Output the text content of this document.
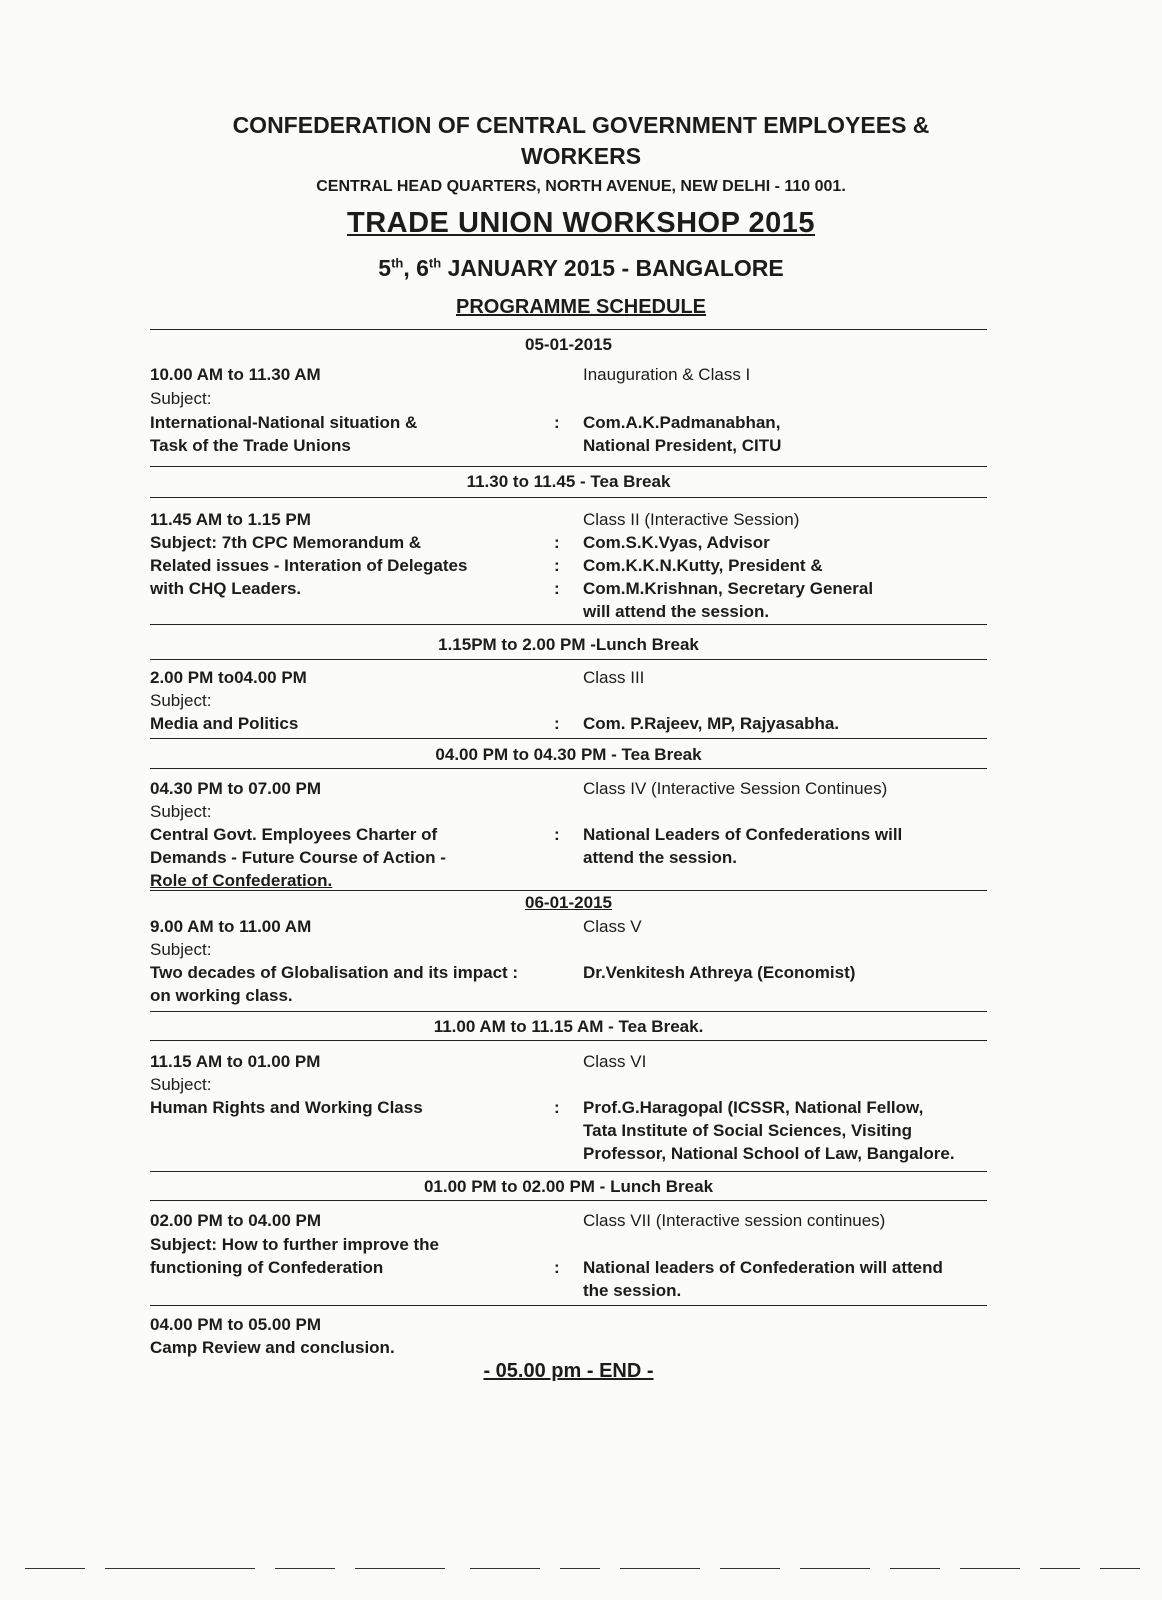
CONFEDERATION OF CENTRAL GOVERNMENT EMPLOYEES &
WORKERS
CENTRAL HEAD QUARTERS, NORTH AVENUE, NEW DELHI - 110 001.
TRADE UNION WORKSHOP 2015
5th, 6th JANUARY 2015 - BANGALORE
PROGRAMME SCHEDULE
05-01-2015
10.00 AM to 11.30 AM	Inauguration & Class I
Subject:
International-National situation &	: Com.A.K.Padmanabhan,
Task of the Trade Unions	National President, CITU
11.30 to 11.45 - Tea Break
11.45 AM to 1.15 PM	Class II (Interactive Session)
Subject: 7th CPC Memorandum &	: Com.S.K.Vyas, Advisor
Related issues - Interation of Delegates	: Com.K.K.N.Kutty, President &
with CHQ Leaders.	: Com.M.Krishnan, Secretary General
will attend the session.
1.15PM to 2.00 PM -Lunch Break
2.00 PM to04.00 PM	Class III
Subject:
Media and Politics	: Com. P.Rajeev, MP, Rajyasabha.
04.00 PM to 04.30 PM - Tea Break
04.30 PM to 07.00 PM	Class IV (Interactive Session Continues)
Subject:
Central Govt. Employees Charter of	: National Leaders of Confederations will
Demands - Future Course of Action -	attend the session.
Role of Confederation.
06-01-2015
9.00 AM to 11.00 AM	Class V
Subject:
Two decades of Globalisation and its impact :	Dr.Venkitesh Athreya (Economist)
on working class.
11.00 AM to 11.15 AM - Tea Break.
11.15 AM to 01.00 PM	Class VI
Subject:
Human Rights and Working Class	: Prof.G.Haragopal (ICSSR, National Fellow,
Tata Institute of Social Sciences, Visiting
Professor, National School of Law, Bangalore.
01.00 PM to 02.00 PM - Lunch Break
02.00 PM to 04.00 PM	Class VII (Interactive session continues)
Subject: How to further improve the
functioning of Confederation	: National leaders of Confederation will attend
the session.
04.00 PM to 05.00 PM
Camp Review and conclusion.
- 05.00 pm - END -
